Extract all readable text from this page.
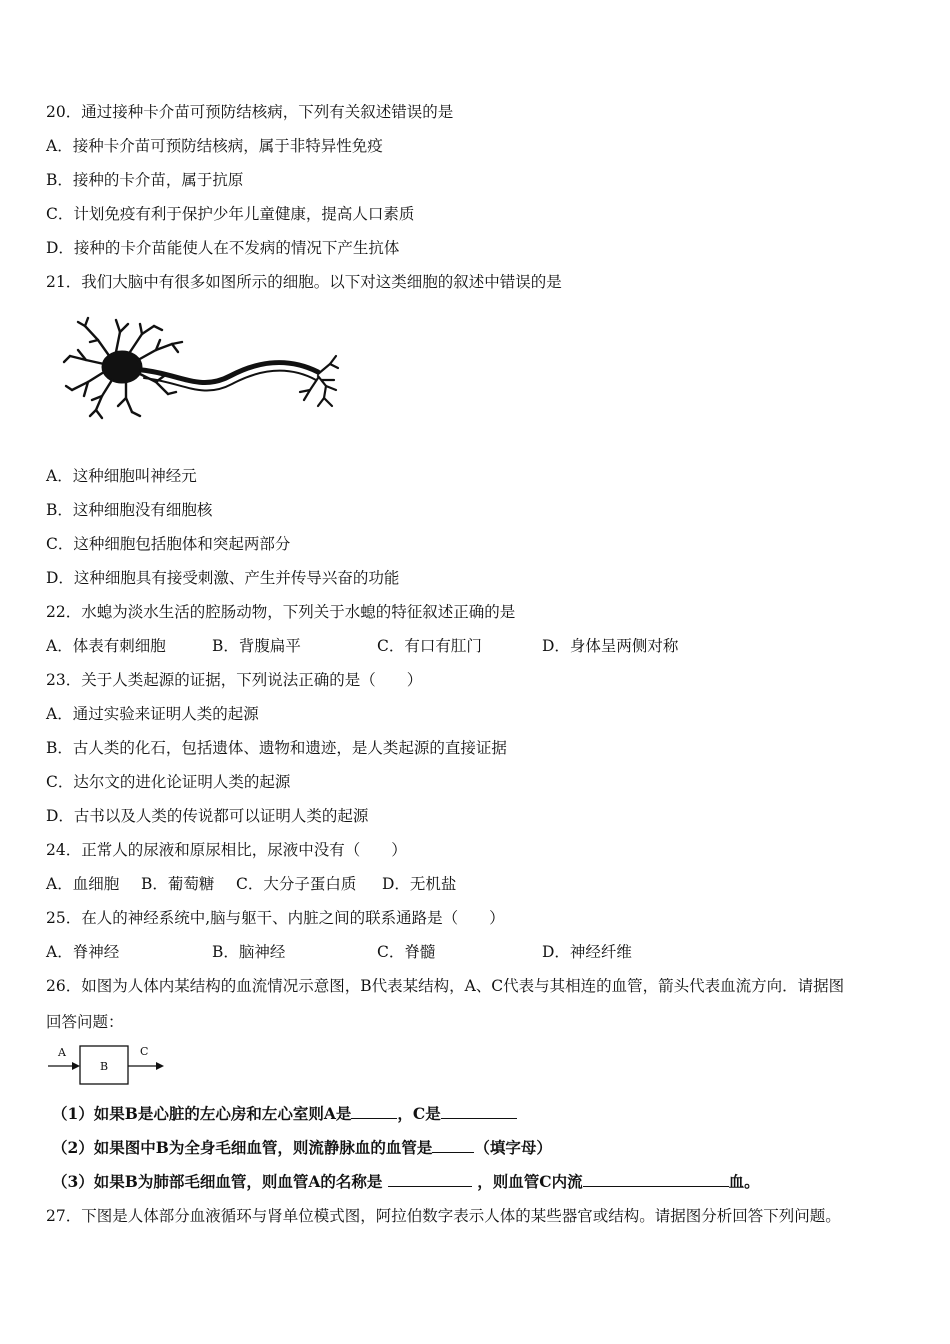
20．通过接种卡介苗可预防结核病，下列有关叙述错误的是
A．接种卡介苗可预防结核病，属于非特异性免疫
B．接种的卡介苗，属于抗原
C．计划免疫有利于保护少年儿童健康，提高人口素质
D．接种的卡介苗能使人在不发病的情况下产生抗体
21．我们大脑中有很多如图所示的细胞。以下对这类细胞的叙述中错误的是
A．这种细胞叫神经元
B．这种细胞没有细胞核
C．这种细胞包括胞体和突起两部分
D．这种细胞具有接受刺激、产生并传导兴奋的功能
22．水螅为淡水生活的腔肠动物，下列关于水螅的特征叙述正确的是
A．体表有刺细胞	B．背腹扁平	C．有口有肛门	D．身体呈两侧对称
23．关于人类起源的证据，下列说法正确的是（　　）
A．通过实验来证明人类的起源
B．古人类的化石，包括遗体、遗物和遗迹，是人类起源的直接证据
C．达尔文的进化论证明人类的起源
D．古书以及人类的传说都可以证明人类的起源
24．正常人的尿液和原尿相比，尿液中没有（　　）
A．血细胞 B．葡萄糖 C．大分子蛋白质 D．无机盐
25．在人的神经系统中,脑与躯干、内脏之间的联系通路是（　　）
A．脊神经	B．脑神经	C．脊髓	D．神经纤维
26．如图为人体内某结构的血流情况示意图，B代表某结构，A、C代表与其相连的血管，箭头代表血流方向．请据图
回答问题：
A
B
C
（1）如果B是心脏的左心房和左心室则A是	，C是
（2）如果图中B为全身毛细血管，则流静脉血的血管是	（填字母）
（3）如果B为肺部毛细血管，则血管A的名称是	，则血管C内流	血。
27．下图是人体部分血液循环与肾单位模式图，阿拉伯数字表示人体的某些器官或结构。请据图分析回答下列问题。
